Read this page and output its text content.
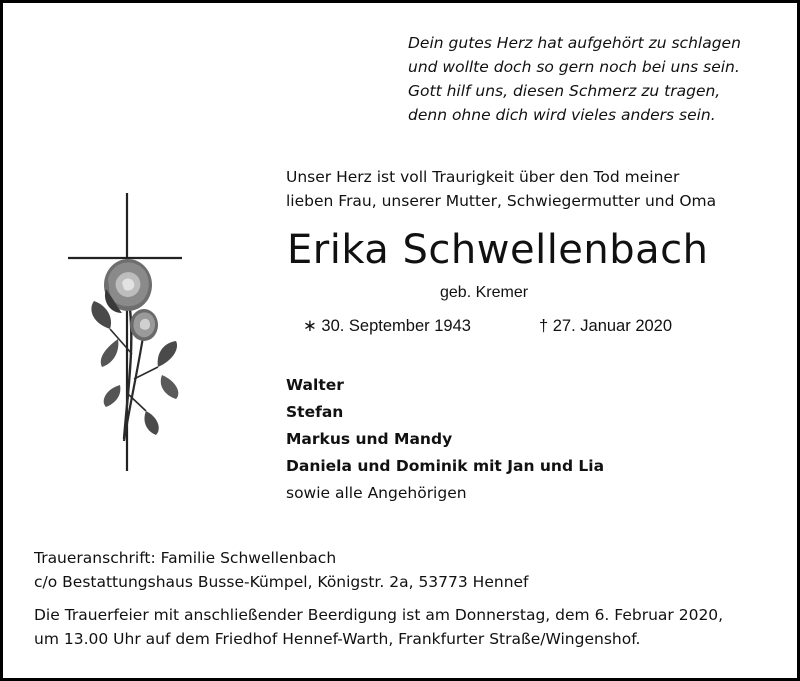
Dein gutes Herz hat aufgehört zu schlagen
und wollte doch so gern noch bei uns sein.
Gott hilf uns, diesen Schmerz zu tragen,
denn ohne dich wird vieles anders sein.
Unser Herz ist voll Traurigkeit über den Tod meiner
lieben Frau, unserer Mutter, Schwiegermutter und Oma
Erika Schwellenbach
geb. Kremer
∗ 30. September 1943	† 27. Januar 2020
Walter
Stefan
Markus und Mandy
Daniela und Dominik mit Jan und Lia
sowie alle Angehörigen
Traueranschrift: Familie Schwellenbach
c/o Bestattungshaus Busse-Kümpel, Königstr. 2a, 53773 Hennef
Die Trauerfeier mit anschließender Beerdigung ist am Donnerstag, dem 6. Februar 2020,
um 13.00 Uhr auf dem Friedhof Hennef-Warth, Frankfurter Straße/Wingenshof.
